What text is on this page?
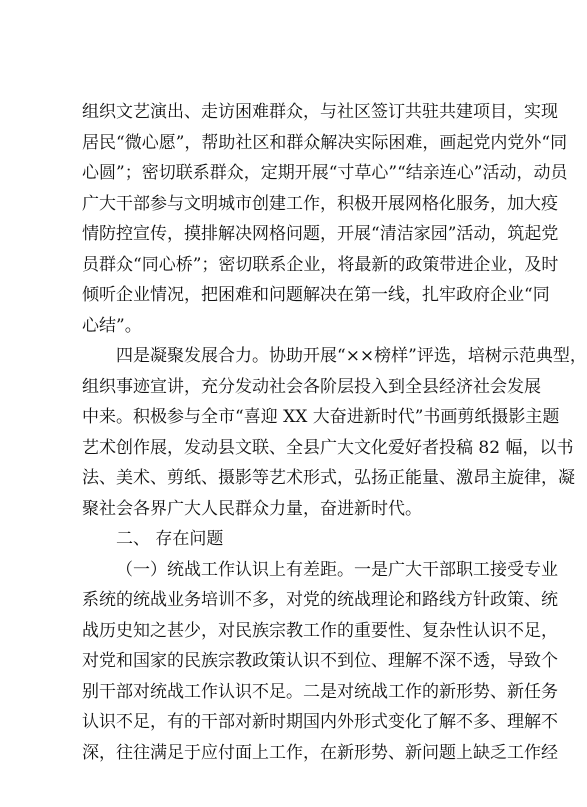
组织文艺演出、走访困难群众，与社区签订共驻共建项目，实现
居民“微心愿”，帮助社区和群众解决实际困难，画起党内党外“同
心圆”；密切联系群众，定期开展“寸草心”“结亲连心”活动，动员
广大干部参与文明城市创建工作，积极开展网格化服务，加大疫
情防控宣传，摸排解决网格问题，开展“清洁家园”活动，筑起党
员群众“同心桥”；密切联系企业，将最新的政策带进企业，及时
倾听企业情况，把困难和问题解决在第一线，扎牢政府企业“同
心结”。
四是凝聚发展合力。协助开展“××榜样”评选，培树示范典型，
组织事迹宣讲，充分发动社会各阶层投入到全县经济社会发展
中来。积极参与全市“喜迎 XX 大奋进新时代”书画剪纸摄影主题
艺术创作展，发动县文联、全县广大文化爱好者投稿 82 幅，以书
法、美术、剪纸、摄影等艺术形式，弘扬正能量、激昂主旋律，凝
聚社会各界广大人民群众力量，奋进新时代。
二、 存在问题
（一）统战工作认识上有差距。一是广大干部职工接受专业
系统的统战业务培训不多，对党的统战理论和路线方针政策、统
战历史知之甚少，对民族宗教工作的重要性、复杂性认识不足，
对党和国家的民族宗教政策认识不到位、理解不深不透，导致个
别干部对统战工作认识不足。二是对统战工作的新形势、新任务
认识不足，有的干部对新时期国内外形式变化了解不多、理解不
深，往往满足于应付面上工作，在新形势、新问题上缺乏工作经
